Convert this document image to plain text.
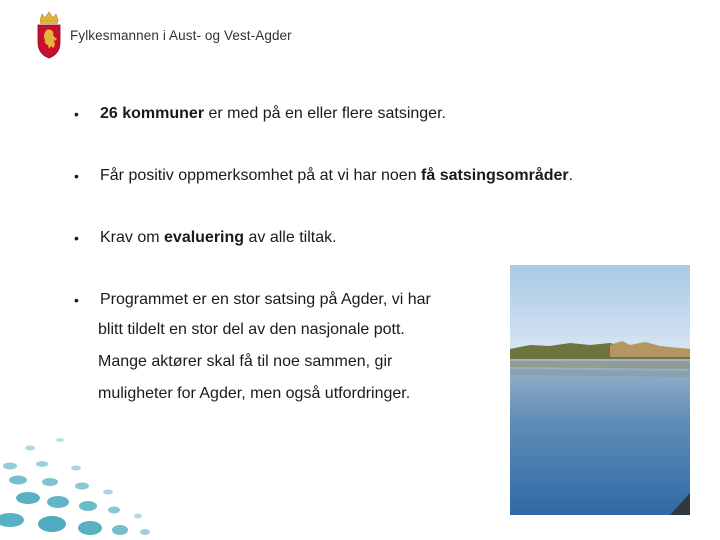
Fylkesmannen i Aust- og Vest-Agder
•	26 kommuner er med på en eller flere satsinger.
•	Får positiv oppmerksomhet på at vi har noen få satsingsområder.
•	Krav om evaluering av alle tiltak.
•	Programmet er en stor satsing på Agder, vi har
blitt tildelt en stor del av den nasjonale pott.
Mange aktører skal få til noe sammen, gir
muligheter for Agder, men også utfordringer.
